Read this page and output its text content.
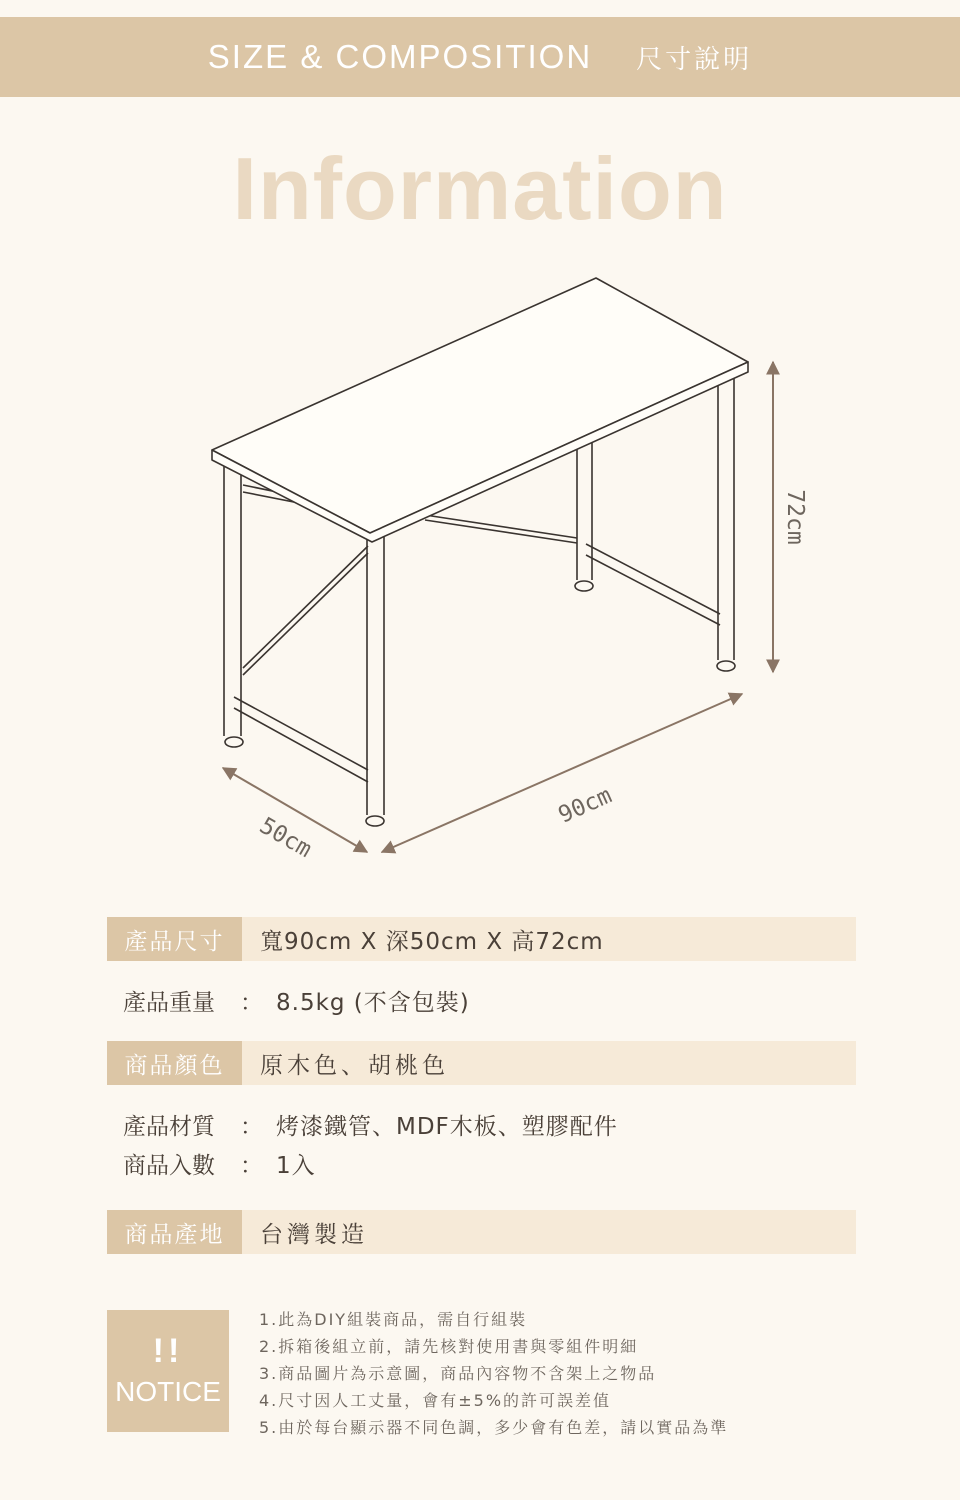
SIZE & COMPOSITION 尺寸說明
Information
72cm
90cm
50cm
產品尺寸	寬90cm X 深50cm X 高72cm
產品重量	： 8.5kg (不含包裝)
商品顏色	原木色、胡桃色
產品材質	： 烤漆鐵管、MDF木板、塑膠配件
商品入數	： 1入
商品產地	台灣製造
!!
NOTICE
1.此為DIY組裝商品，需自行組裝
2.拆箱後組立前，請先核對使用書與零組件明細
3.商品圖片為示意圖，商品內容物不含架上之物品
4.尺寸因人工丈量，會有±5%的許可誤差值
5.由於每台顯示器不同色調，多少會有色差，請以實品為準
